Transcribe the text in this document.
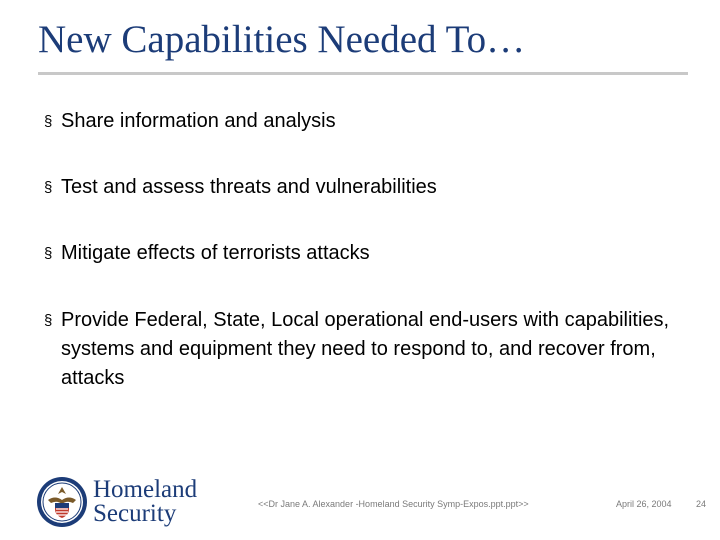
New Capabilities Needed To…
§ Share information and analysis
§ Test and assess threats and vulnerabilities
§ Mitigate effects of terrorists attacks
§ Provide Federal, State, Local operational end-users with capabilities, systems and equipment they need to respond to, and recover from, attacks
Homeland
Security	<<Dr Jane A. Alexander -Homeland Security Symp-Expos.ppt.ppt>>	April 26, 2004	24
